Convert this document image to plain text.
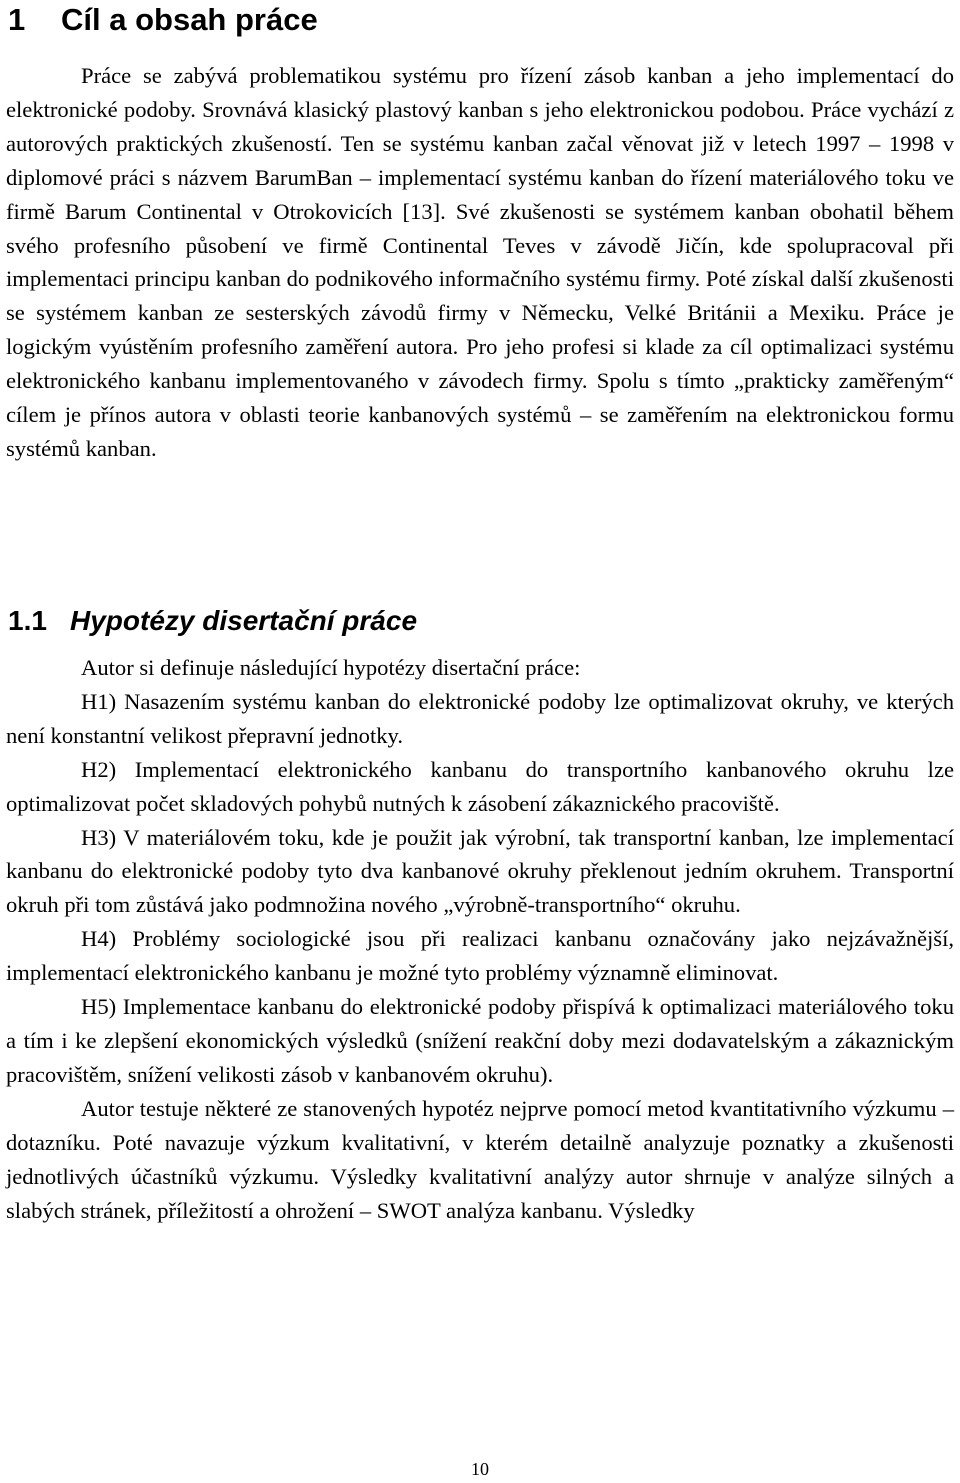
1 Cíl a obsah práce

Práce se zabývá problematikou systému pro řízení zásob kanban a jeho implementací do elektronické podoby. Srovnává klasický plastový kanban s jeho elektronickou podobou. Práce vychází z autorových praktických zkušeností. Ten se systému kanban začal věnovat již v letech 1997 – 1998 v diplomové práci s názvem BarumBan – implementací systému kanban do řízení materiálového toku ve firmě Barum Continental v Otrokovicích [13]. Své zkušenosti se systémem kanban obohatil během svého profesního působení ve firmě Continental Teves v závodě Jičín, kde spolupracoval při implementaci principu kanban do podnikového informačního systému firmy. Poté získal další zkušenosti se systémem kanban ze sesterských závodů firmy v Německu, Velké Británii a Mexiku. Práce je logickým vyústěním profesního zaměření autora. Pro jeho profesi si klade za cíl optimalizaci systému elektronického kanbanu implementovaného v závodech firmy. Spolu s tímto „prakticky zaměřeným“ cílem je přínos autora v oblasti teorie kanbanových systémů – se zaměřením na elektronickou formu systémů kanban.

1.1 Hypotézy disertační práce

Autor si definuje následující hypotézy disertační práce:

H1) Nasazením systému kanban do elektronické podoby lze optimalizovat okruhy, ve kterých není konstantní velikost přepravní jednotky.

H2) Implementací elektronického kanbanu do transportního kanbanového okruhu lze optimalizovat počet skladových pohybů nutných k zásobení zákaznického pracoviště.

H3) V materiálovém toku, kde je použit jak výrobní, tak transportní kanban, lze implementací kanbanu do elektronické podoby tyto dva kanbanové okruhy překlenout jedním okruhem. Transportní okruh při tom zůstává jako podmnožina nového „výrobně-transportního“ okruhu.

H4) Problémy sociologické jsou při realizaci kanbanu označovány jako nejzávažnější, implementací elektronického kanbanu je možné tyto problémy významně eliminovat.

H5) Implementace kanbanu do elektronické podoby přispívá k optimalizaci materiálového toku a tím i ke zlepšení ekonomických výsledků (snížení reakční doby mezi dodavatelským a zákaznickým pracovištěm, snížení velikosti zásob v kanbanovém okruhu).

Autor testuje některé ze stanovených hypotéz nejprve pomocí metod kvantitativního výzkumu – dotazníku. Poté navazuje výzkum kvalitativní, v kterém detailně analyzuje poznatky a zkušenosti jednotlivých účastníků výzkumu. Výsledky kvalitativní analýzy autor shrnuje v analýze silných a slabých stránek, příležitostí a ohrožení – SWOT analýza kanbanu. Výsledky

10
